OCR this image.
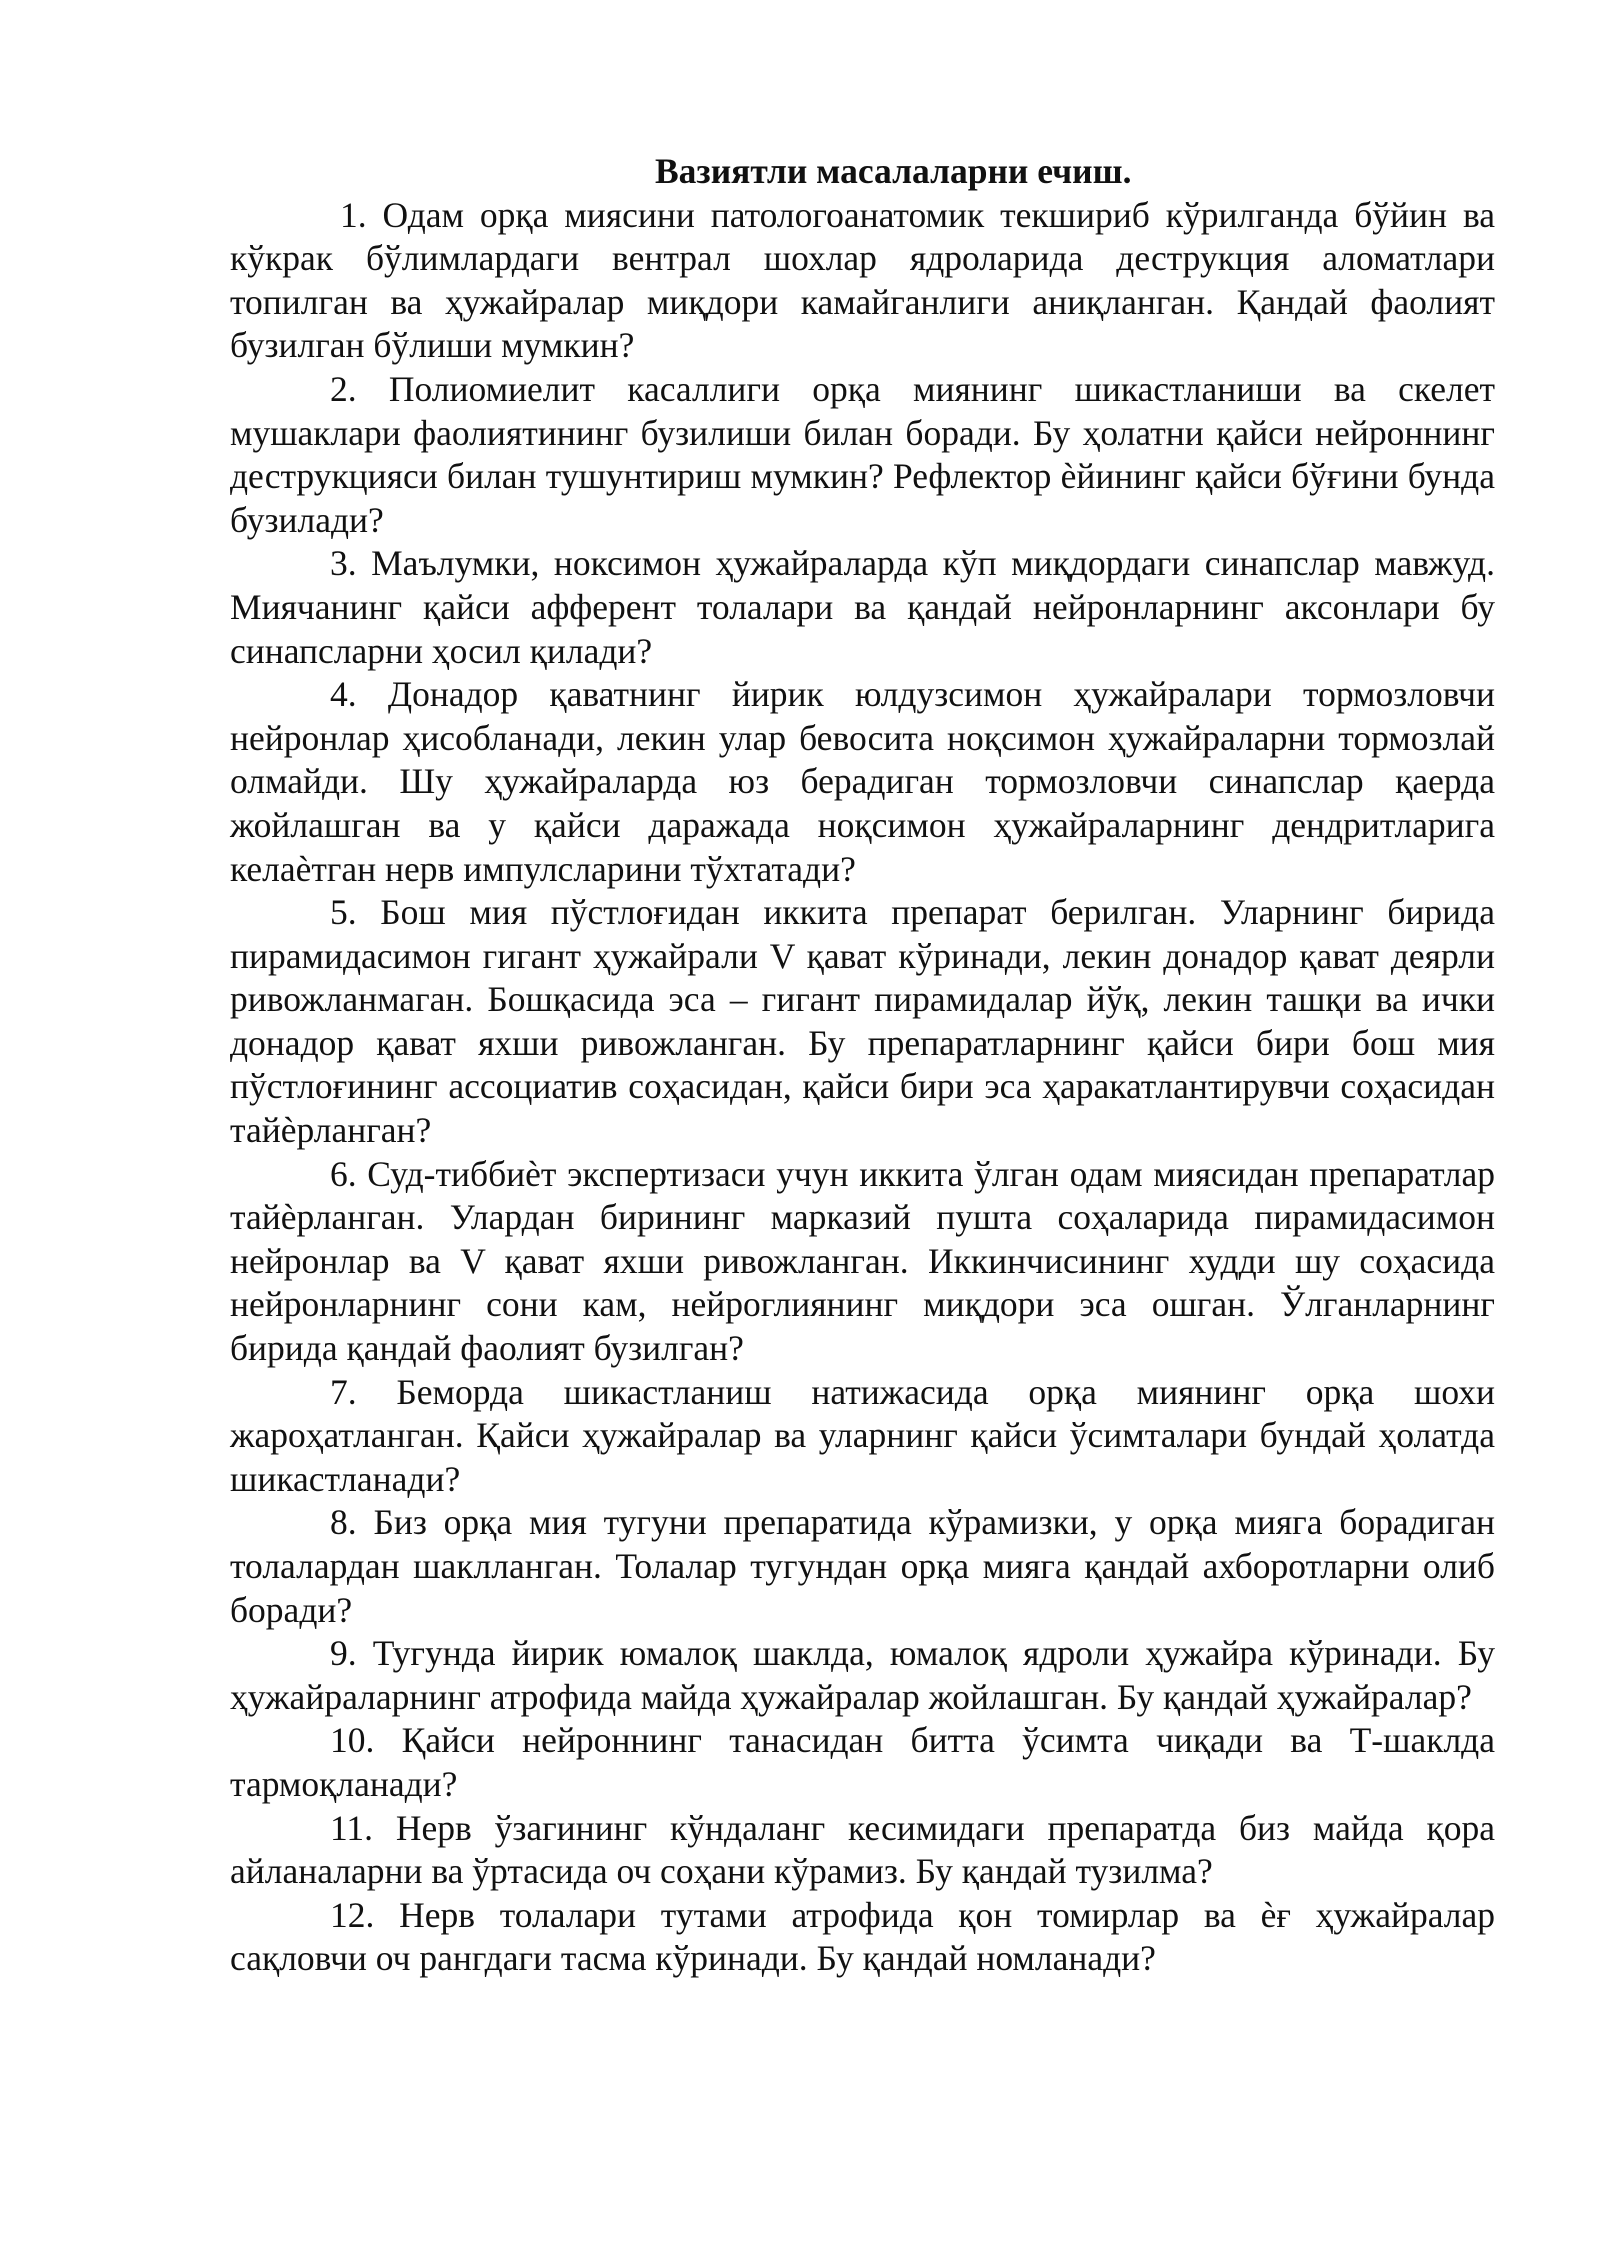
Вазиятли масалаларни ечиш.

1. Одам орқа миясини патологоанатомик текшириб кўрилганда бўйин ва кўкрак бўлимлардаги вентрал шохлар ядроларида деструкция аломатлари топилган ва ҳужайралар миқдори камайганлиги аниқланган. Қандай фаолият бузилган бўлиши мумкин?

2. Полиомиелит касаллиги орқа миянинг шикастланиши ва скелет мушаклари фаолиятининг бузилиши билан боради. Бу ҳолатни қайси нейроннинг деструкцияси билан тушунтириш мумкин? Рефлектор ѐйининг қайси бўғини бунда бузилади?

3. Маълумки, ноксимон ҳужайраларда кўп миқдордаги синапслар мавжуд. Миячанинг қайси афферент толалари ва қандай нейронларнинг аксонлари бу синапсларни ҳосил қилади?

4. Донадор қаватнинг йирик юлдузсимон ҳужайралари тормозловчи нейронлар ҳисобланади, лекин улар бевосита ноқсимон ҳужайраларни тормозлай олмайди. Шу ҳужайраларда юз берадиган тормозловчи синапслар қаерда жойлашган ва у қайси даражада ноқсимон ҳужайраларнинг дендритларига келаѐтган нерв импулсларини тўхтатади?

5. Бош мия пўстлоғидан иккита препарат берилган. Уларнинг бирида пирамидасимон гигант ҳужайрали V қават кўринади, лекин донадор қават деярли ривожланмаган. Бошқасида эса – гигант пирамидалар йўқ, лекин ташқи ва ички донадор қават яхши ривожланган. Бу препаратларнинг қайси бири бош мия пўстлоғининг ассоциатив соҳасидан, қайси бири эса ҳаракатлантирувчи соҳасидан тайѐрланган?

6. Суд-тиббиѐт экспертизаси учун иккита ўлган одам миясидан препаратлар тайѐрланган. Улардан бирининг марказий пушта соҳаларида пирамидасимон нейронлар ва V қават яхши ривожланган. Иккинчисининг худди шу соҳасида нейронларнинг сони кам, нейроглиянинг миқдори эса ошган. Ўлганларнинг бирида қандай фаолият бузилган?

7. Беморда шикастланиш натижасида орқа миянинг орқа шохи жароҳатланган. Қайси ҳужайралар ва уларнинг қайси ўсимталари бундай ҳолатда шикастланади?

8. Биз орқа мия тугуни препаратида кўрамизки, у орқа мияга борадиган толалардан шаклланган. Толалар тугундан орқа мияга қандай ахборотларни олиб боради?

9. Тугунда йирик юмалоқ шаклда, юмалоқ ядроли ҳужайра кўринади. Бу ҳужайраларнинг атрофида майда ҳужайралар жойлашган. Бу қандай ҳужайралар?

10. Қайси нейроннинг танасидан битта ўсимта чиқади ва Т-шаклда тармоқланади?

11. Нерв ўзагининг кўндаланг кесимидаги препаратда биз майда қора айланаларни ва ўртасида оч соҳани кўрамиз. Бу қандай тузилма?

12. Нерв толалари тутами атрофида қон томирлар ва ѐғ ҳужайралар сақловчи оч рангдаги тасма кўринади. Бу қандай номланади?
